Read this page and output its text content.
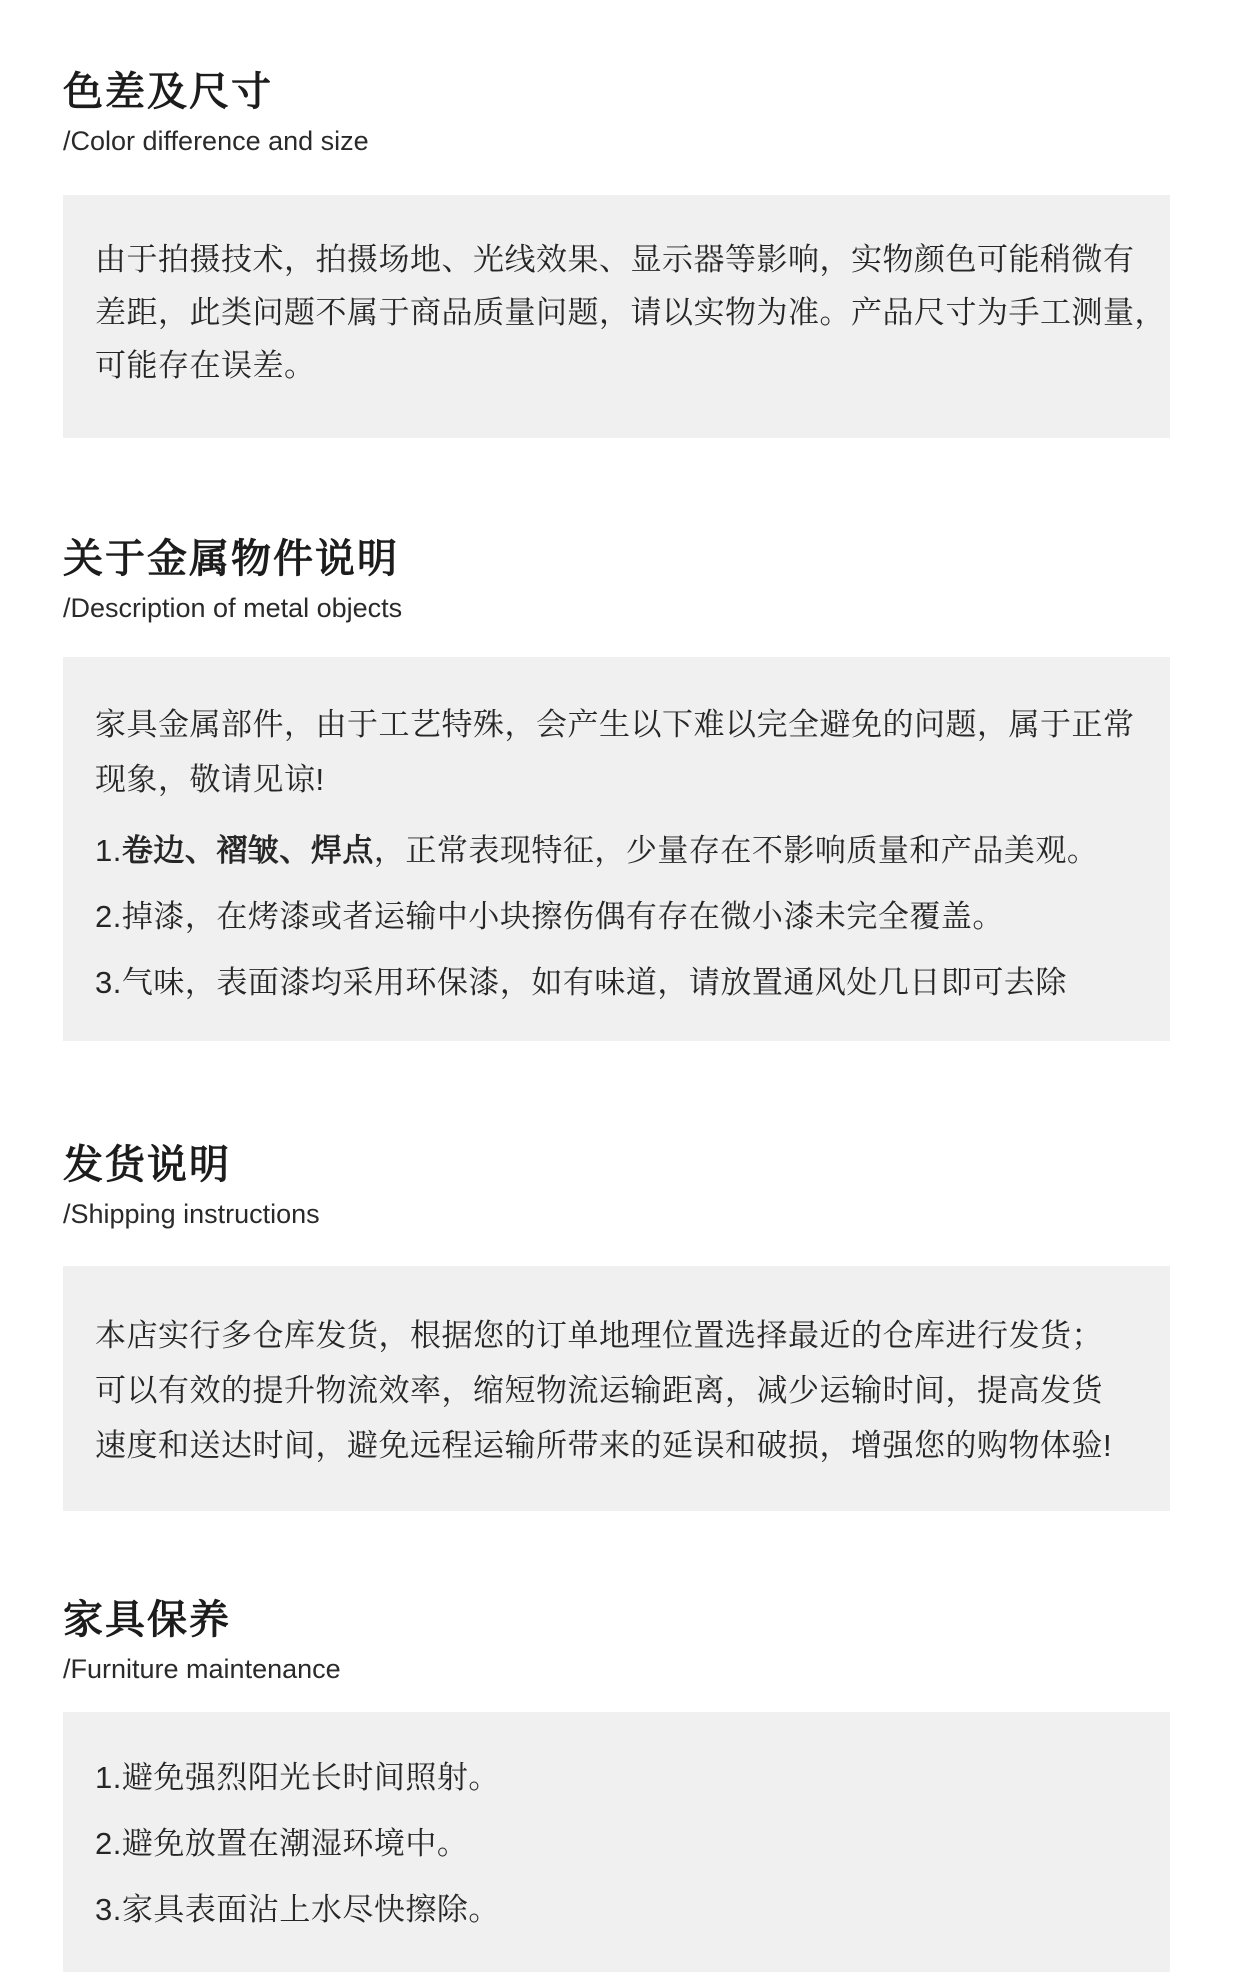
色差及尺寸
/Color difference and size
由于拍摄技术，拍摄场地、光线效果、显示器等影响，实物颜色可能稍微有
差距，此类问题不属于商品质量问题，请以实物为准。产品尺寸为手工测量，
可能存在误差。
关于金属物件说明
/Description of metal objects
家具金属部件，由于工艺特殊，会产生以下难以完全避免的问题，属于正常
现象，敬请见谅!
1.卷边、褶皱、焊点，正常表现特征，少量存在不影响质量和产品美观。
2.掉漆，在烤漆或者运输中小块擦伤偶有存在微小漆未完全覆盖。
3.气味，表面漆均采用环保漆，如有味道，请放置通风处几日即可去除
发货说明
/Shipping instructions
本店实行多仓库发货，根据您的订单地理位置选择最近的仓库进行发货；
可以有效的提升物流效率，缩短物流运输距离，减少运输时间，提高发货
速度和送达时间，避免远程运输所带来的延误和破损，增强您的购物体验!
家具保养
/Furniture maintenance
1.避免强烈阳光长时间照射。
2.避免放置在潮湿环境中。
3.家具表面沾上水尽快擦除。
